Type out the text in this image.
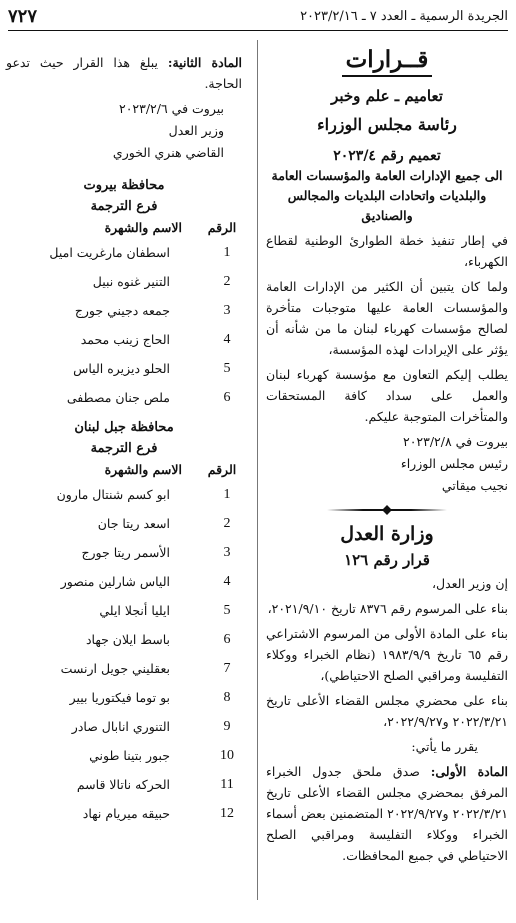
٧٢٧	الجريدة الرسمية ـ العدد ٧ ـ ٢٠٢٣/٢/١٦
قــرارات
تعاميم ـ علم وخبر
رئاسة مجلس الوزراء
تعميم رقم ٢٠٢٣/٤
الى جميع الإدارات العامة والمؤسسات العامة
والبلديات واتحادات البلديات والمجالس
والصناديق
في إطار تنفيذ خطة الطوارئ الوطنية لقطاع الكهرباء،
ولما كان يتبين أن الكثير من الإدارات العامة والمؤسسات العامة عليها متوجبات متأخرة لصالح مؤسسات كهرباء لبنان ما من شأنه أن يؤثر على الإيرادات لهذه المؤسسة،
يطلب إليكم التعاون مع مؤسسة كهرباء لبنان والعمل على سداد كافة المستحقات والمتأخرات المتوجبة عليكم.
بيروت في ٢٠٢٣/٢/٨
رئيس مجلس الوزراء
نجيب ميقاتي
وزارة العدل
قرار رقم ١٢٦
إن وزير العدل،
بناء على المرسوم رقم ٨٣٧٦ تاريخ ٢٠٢١/٩/١٠،
بناء على المادة الأولى من المرسوم الاشتراعي رقم ٦٥ تاريخ ١٩٨٣/٩/٩ (نظام الخبراء ووكلاء التفليسة ومراقبي الصلح الاحتياطي)،
بناء على محضري مجلس القضاء الأعلى تاريخ ٢٠٢٢/٣/٢١ و٢٠٢٢/٩/٢٧،
يقرر ما يأتي:
المادة الأولى: صدق ملحق جدول الخبراء المرفق بمحضري مجلس القضاء الأعلى تاريخ ٢٠٢٢/٣/٢١ و٢٠٢٢/٩/٢٧ المتضمنين بعض أسماء الخبراء ووكلاء التفليسة ومراقبي الصلح الاحتياطي في جميع المحافظات.
المادة الثانية: يبلغ هذا القرار حيث تدعو الحاجة.
بيروت في ٢٠٢٣/٢/٦
وزير العدل
القاضي هنري الخوري
محافظة بيروت
فرع الترجمة
الرقم
الاسم والشهرة
1
اسطفان مارغريت اميل
2
التنير غنوه نبيل
3
جمعه دجيني جورج
4
الحاج زينب محمد
5
الحلو ديزيره الياس
6
ملص جنان مصطفى
محافظة جبل لبنان
فرع الترجمة
الرقم
الاسم والشهرة
1
ابو كسم شنتال مارون
2
اسعد ريتا جان
3
الأسمر ريتا جورج
4
الياس شارلين منصور
5
ايليا أنجلا ايلي
6
باسط ايلان جهاد
7
بعقليني جويل ارنست
8
بو توما فيكتوريا بيير
9
التنوري انابال صادر
10
جبور بتينا طوني
11
الحركه ناتالا قاسم
12
حبيقه ميريام نهاد
